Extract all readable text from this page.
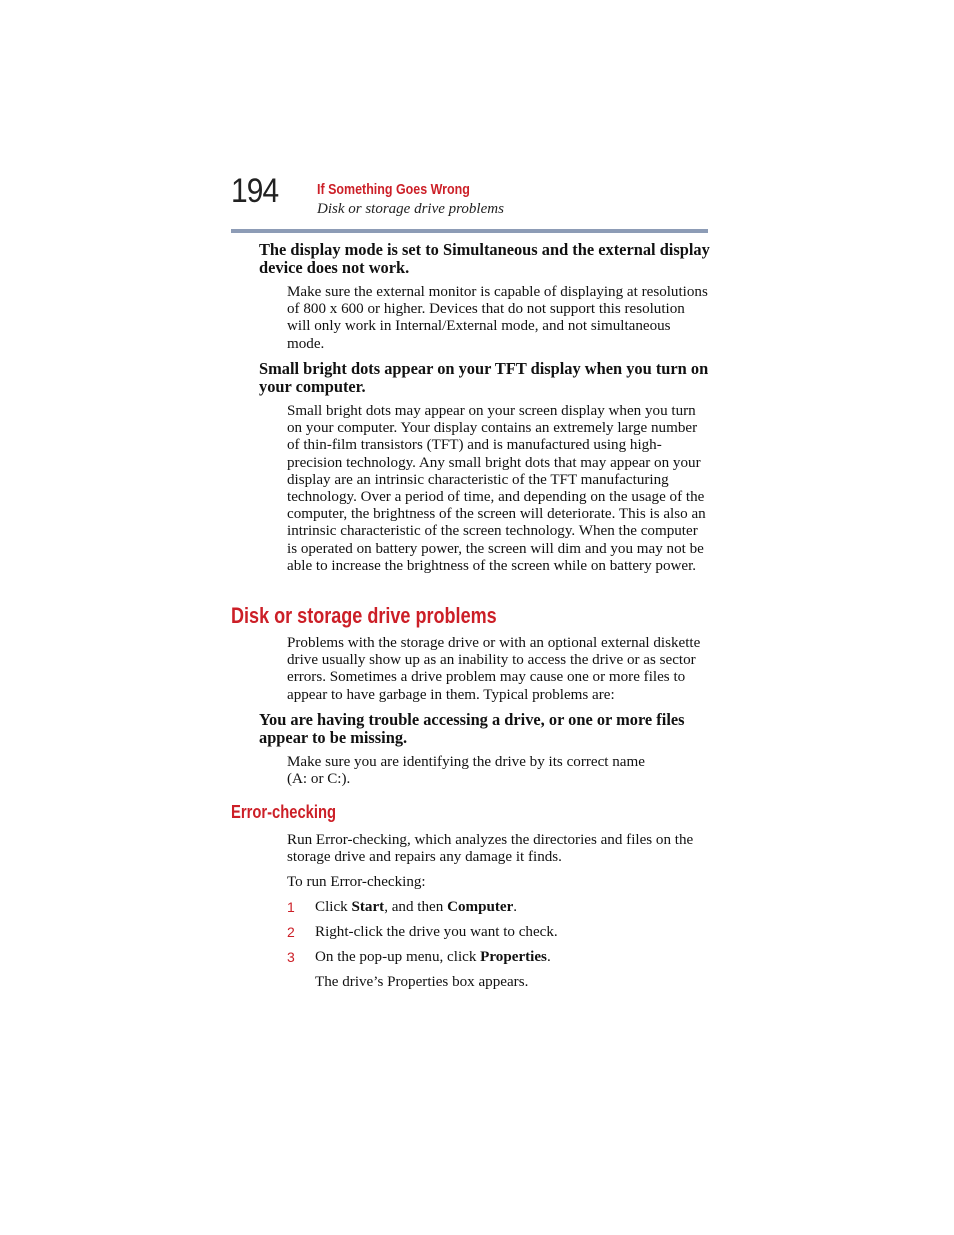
194	If Something Goes Wrong
Disk or storage drive problems

The display mode is set to Simultaneous and the external display device does not work.

Make sure the external monitor is capable of displaying at resolutions of 800 x 600 or higher. Devices that do not support this resolution will only work in Internal/External mode, and not simultaneous mode.

Small bright dots appear on your TFT display when you turn on your computer.

Small bright dots may appear on your screen display when you turn on your computer. Your display contains an extremely large number of thin-film transistors (TFT) and is manufactured using high-precision technology. Any small bright dots that may appear on your display are an intrinsic characteristic of the TFT manufacturing technology. Over a period of time, and depending on the usage of the computer, the brightness of the screen will deteriorate. This is also an intrinsic characteristic of the screen technology. When the computer is operated on battery power, the screen will dim and you may not be able to increase the brightness of the screen while on battery power.

Disk or storage drive problems

Problems with the storage drive or with an optional external diskette drive usually show up as an inability to access the drive or as sector errors. Sometimes a drive problem may cause one or more files to appear to have garbage in them. Typical problems are:

You are having trouble accessing a drive, or one or more files appear to be missing.

Make sure you are identifying the drive by its correct name (A: or C:).

Error-checking

Run Error-checking, which analyzes the directories and files on the storage drive and repairs any damage it finds.

To run Error-checking:

1 Click Start, and then Computer.
2 Right-click the drive you want to check.
3 On the pop-up menu, click Properties.

The drive’s Properties box appears.
